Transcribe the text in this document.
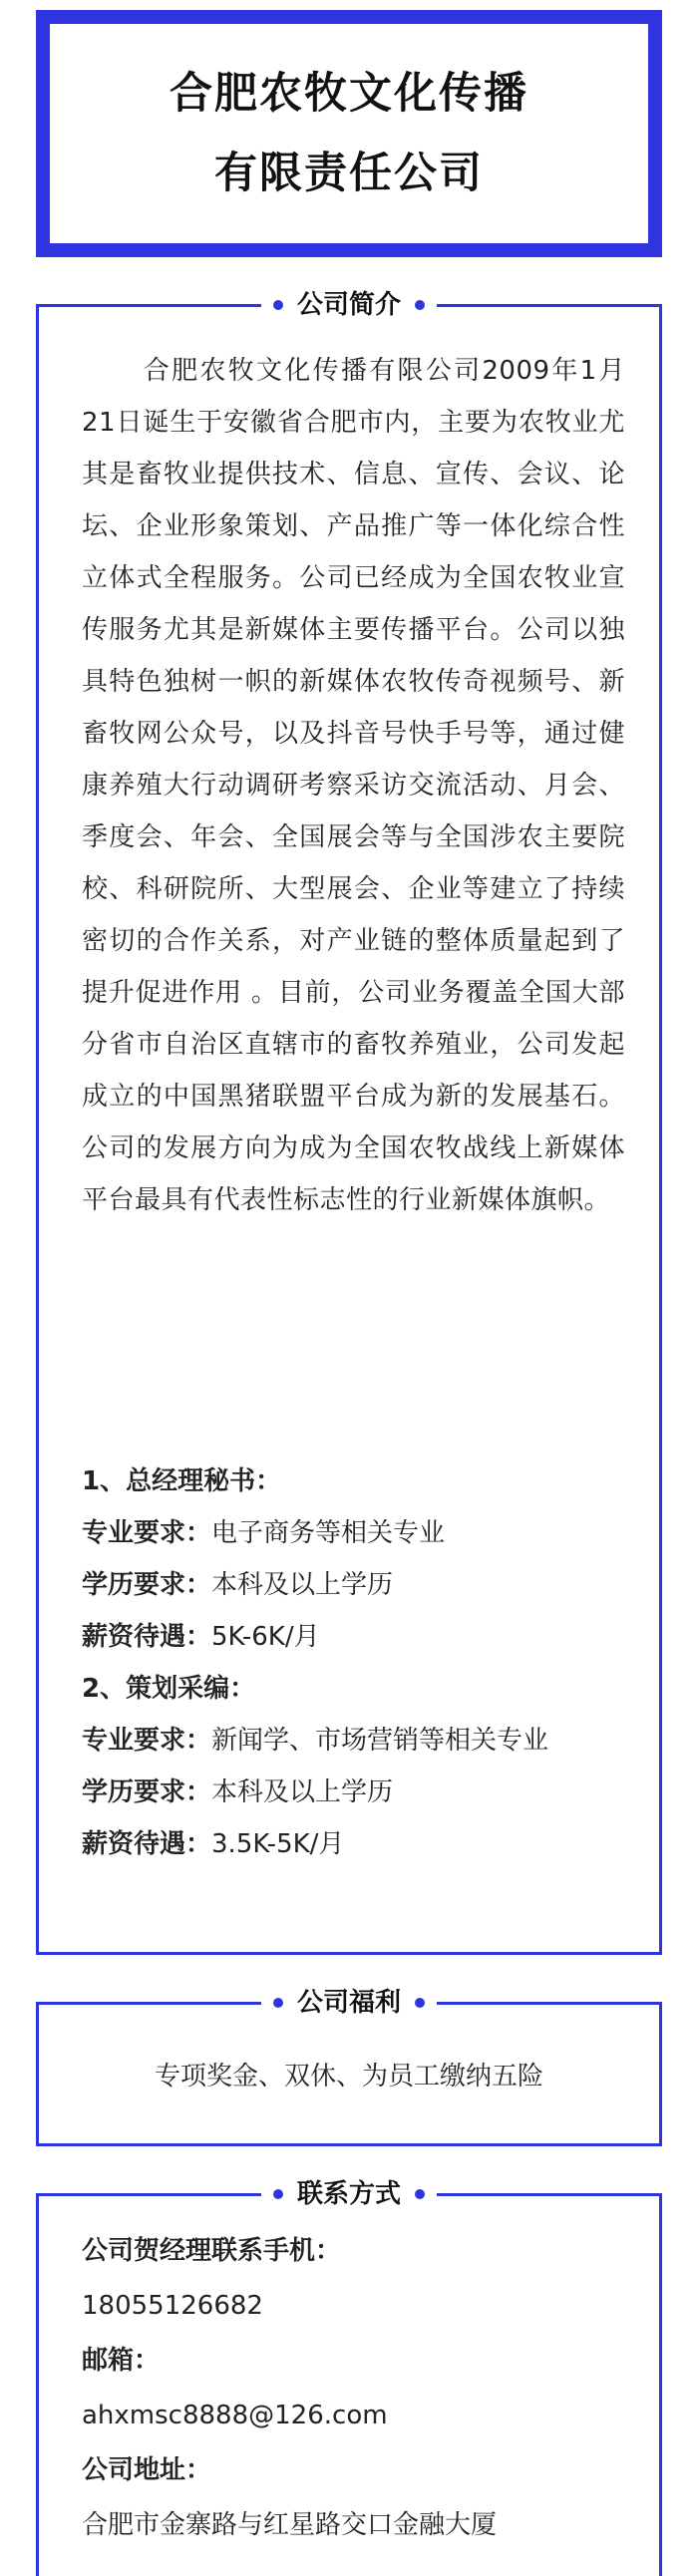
合肥农牧文化传播
有限责任公司
公司简介
合肥农牧文化传播有限公司2009年1月21日诞生于安徽省合肥市内，主要为农牧业尤其是畜牧业提供技术、信息、宣传、会议、论坛、企业形象策划、产品推广等一体化综合性立体式全程服务。公司已经成为全国农牧业宣传服务尤其是新媒体主要传播平台。公司以独具特色独树一帜的新媒体农牧传奇视频号、新畜牧网公众号，以及抖音号快手号等，通过健康养殖大行动调研考察采访交流活动、月会、季度会、年会、全国展会等与全国涉农主要院校、科研院所、大型展会、企业等建立了持续密切的合作关系，对产业链的整体质量起到了提升促进作用 。目前，公司业务覆盖全国大部分省市自治区直辖市的畜牧养殖业，公司发起成立的中国黑猪联盟平台成为新的发展基石。公司的发展方向为成为全国农牧战线上新媒体平台最具有代表性标志性的行业新媒体旗帜。
1、总经理秘书：
专业要求：电子商务等相关专业
学历要求：本科及以上学历
薪资待遇：5K-6K/月
2、策划采编：
专业要求：新闻学、市场营销等相关专业
学历要求：本科及以上学历
薪资待遇：3.5K-5K/月
公司福利
专项奖金、双休、为员工缴纳五险
联系方式
公司贺经理联系手机：
18055126682
邮箱：
ahxmsc8888@126.com
公司地址：
合肥市金寨路与红星路交口金融大厦
